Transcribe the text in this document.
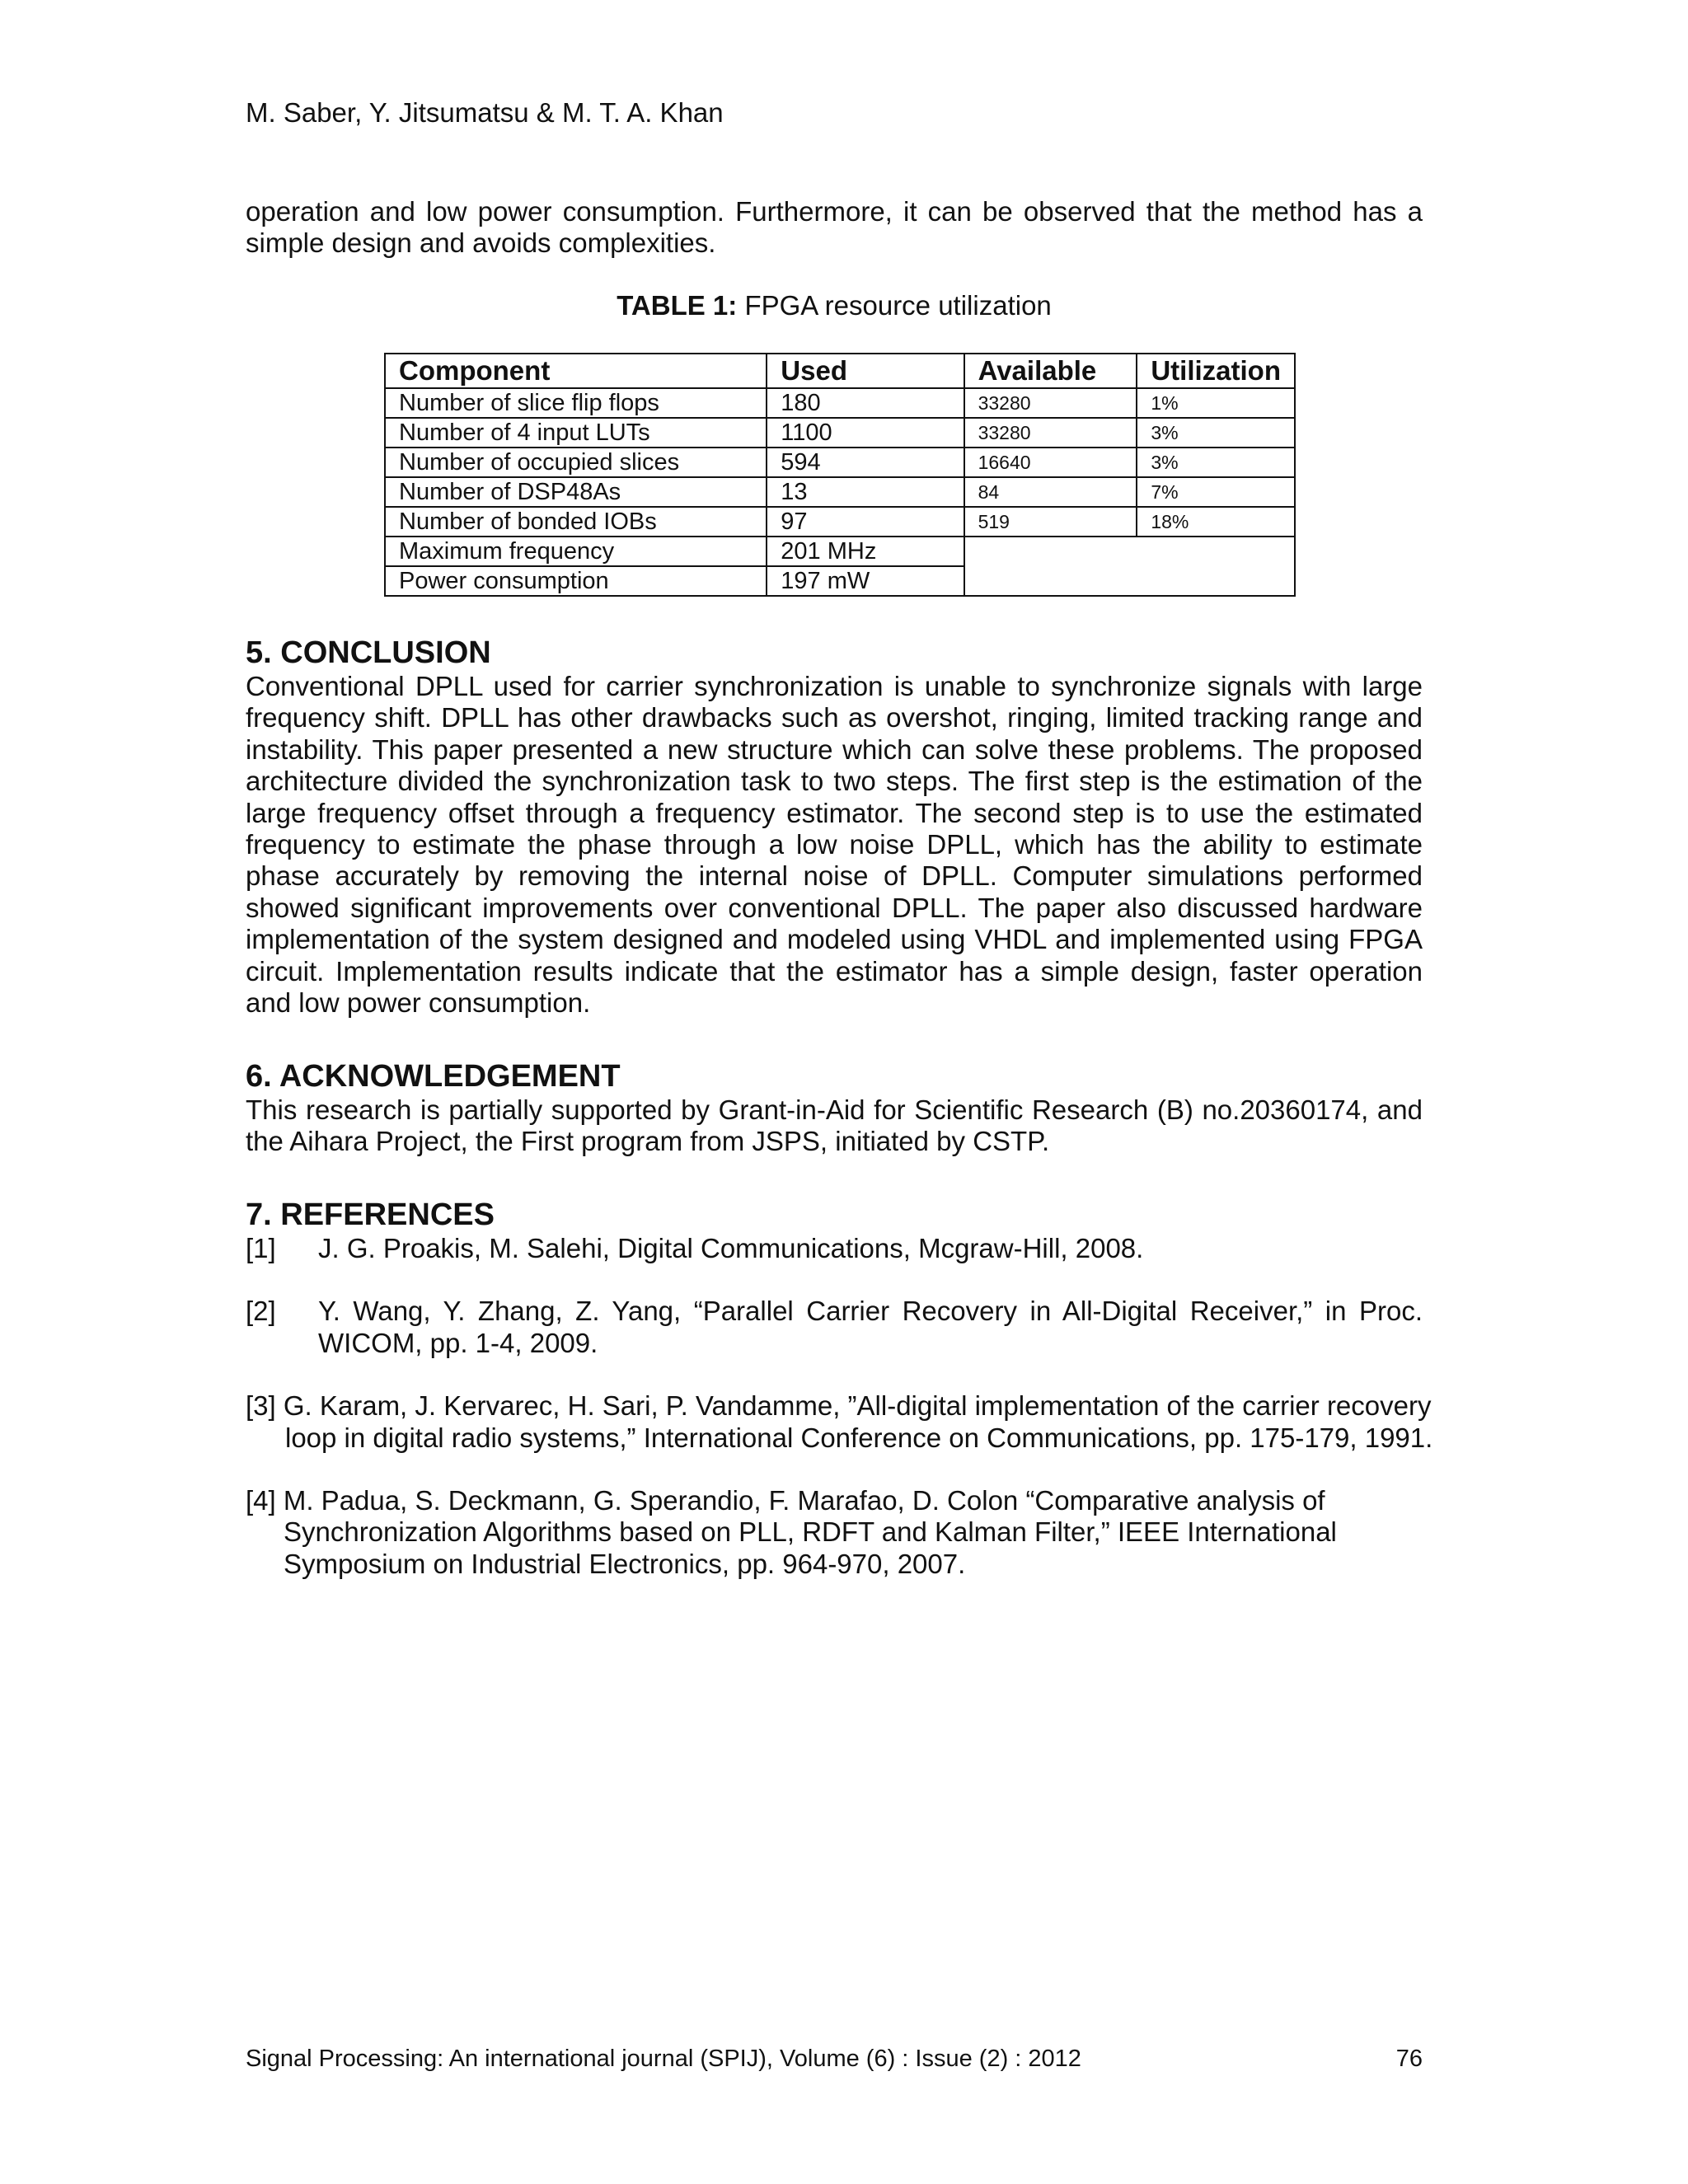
M. Saber, Y. Jitsumatsu & M. T. A. Khan

operation and low power consumption. Furthermore, it can be observed that the method has a simple design and avoids complexities.

TABLE 1: FPGA resource utilization
Component	Used	Available	Utilization
Number of slice flip flops	180	33280	1%
Number of 4 input LUTs	1100	33280	3%
Number of occupied slices	594	16640	3%
Number of DSP48As	13	84	7%
Number of bonded IOBs	97	519	18%
Maximum frequency	201 MHz		
Power consumption	197 mW		
5. CONCLUSION

Conventional DPLL used for carrier synchronization is unable to synchronize signals with large frequency shift. DPLL has other drawbacks such as overshot, ringing, limited tracking range and instability. This paper presented a new structure which can solve these problems. The proposed architecture divided the synchronization task to two steps. The first step is the estimation of the large frequency offset through a frequency estimator. The second step is to use the estimated frequency to estimate the phase through a low noise DPLL, which has the ability to estimate phase accurately by removing the internal noise of DPLL. Computer simulations performed showed significant improvements over conventional DPLL. The paper also discussed hardware implementation of the system designed and modeled using VHDL and implemented using FPGA circuit. Implementation results indicate that the estimator has a simple design, faster operation and low power consumption.

6. ACKNOWLEDGEMENT

This research is partially supported by Grant-in-Aid for Scientific Research (B) no.20360174, and the Aihara Project, the First program from JSPS, initiated by CSTP.

7. REFERENCES
[1]	J. G. Proakis, M. Salehi, Digital Communications, Mcgraw-Hill, 2008.
[2]	Y. Wang, Y. Zhang, Z. Yang, “Parallel Carrier Recovery in All-Digital Receiver,” in Proc. WICOM, pp. 1-4, 2009.
[3] G. Karam, J. Kervarec, H. Sari, P. Vandamme, ”All-digital implementation of the carrier recovery loop in digital radio systems,” International Conference on Communications, pp. 175-179, 1991.
[4] M. Padua, S. Deckmann, G. Sperandio, F. Marafao, D. Colon “Comparative analysis of Synchronization Algorithms based on PLL, RDFT and Kalman Filter,” IEEE International Symposium on Industrial Electronics, pp. 964-970, 2007.
Signal Processing: An international journal (SPIJ), Volume (6) : Issue (2) : 2012	76
